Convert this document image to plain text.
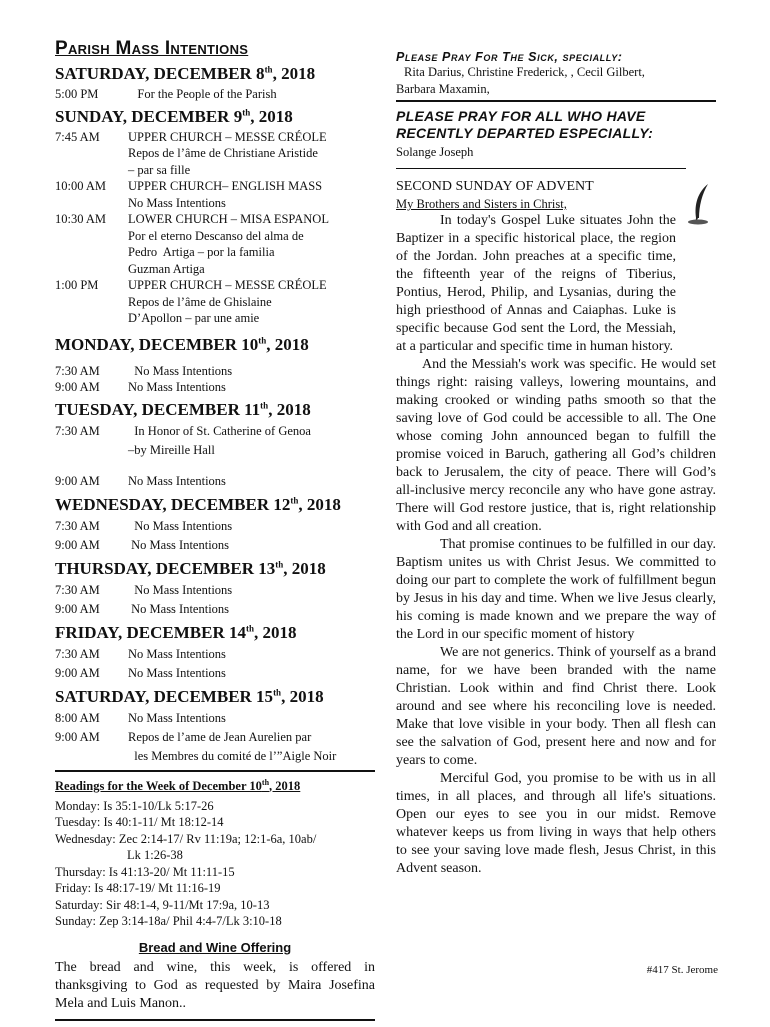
Parish Mass Intentions
SATURDAY, DECEMBER 8th, 2018
5:00 PM	For the People of the Parish
SUNDAY, DECEMBER 9th, 2018
7:45 AM	UPPER CHURCH – MESSE CRÉOLE
Repos de l’âme de Christiane Aristide
– par sa fille
10:00 AM	UPPER CHURCH– ENGLISH MASS
No Mass Intentions
10:30 AM	LOWER CHURCH – MISA ESPANOL
Por el eterno Descanso del alma de
Pedro  Artiga – por la familia
Guzman Artiga
1:00 PM	UPPER CHURCH – MESSE CRÉOLE
Repos de l’âme de Ghislaine
D’Apollon – par une amie
MONDAY, DECEMBER 10th, 2018
7:30 AM	No Mass Intentions
9:00 AM	No Mass Intentions
TUESDAY, DECEMBER 11th, 2018
7:30 AM	In Honor of St. Catherine of Genoa
–by Mireille Hall
9:00 AM	No Mass Intentions
WEDNESDAY, DECEMBER 12th, 2018
7:30 AM	No Mass Intentions
9:00 AM	No Mass Intentions
THURSDAY, DECEMBER 13th, 2018
7:30 AM	No Mass Intentions
9:00 AM	No Mass Intentions
FRIDAY, DECEMBER 14th, 2018
7:30 AM	No Mass Intentions
9:00 AM	No Mass Intentions
SATURDAY, DECEMBER 15th, 2018
8:00 AM	No Mass Intentions
9:00 AM	Repos de l’ame de Jean Aurelien par
les Membres du comité de l’”Aigle Noir
Readings for the Week of December 10th, 2018
Monday: Is 35:1-10/Lk 5:17-26
Tuesday: Is 40:1-11/ Mt 18:12-14
Wednesday: Zec 2:14-17/ Rv 11:19a; 12:1-6a, 10ab/
Lk 1:26-38
Thursday: Is 41:13-20/ Mt 11:11-15
Friday: Is 48:17-19/ Mt 11:16-19
Saturday: Sir 48:1-4, 9-11/Mt 17:9a, 10-13
Sunday: Zep 3:14-18a/ Phil 4:4-7/Lk 3:10-18
Bread and Wine Offering
The bread and wine, this week, is offered in thanksgiving to God as requested by Maira Josefina Mela and Luis Manon..
Please Pray For The Sick, specially:
Rita Darius, Christine Frederick, , Cecil Gilbert,
Barbara Maxamin,
PLEASE PRAY FOR ALL WHO HAVE RECENTLY DEPARTED ESPECIALLY:
Solange Joseph
SECOND SUNDAY OF ADVENT
My Brothers and Sisters in Christ,

In today's Gospel Luke situates John the Baptizer in a specific historical place, the region of the Jordan. John preaches at a specific time, the fifteenth year of the reigns of Tiberius, Pontius, Herod, Philip, and Lysanias, during the high priesthood of Annas and Caiaphas. Luke is specific because God sent the Lord, the Messiah, at a particular and specific time in human history.

And the Messiah's work was specific. He would set things right: raising valleys, lowering mountains, and making crooked or winding paths smooth so that the saving love of God could be accessible to all. The One whose coming John announced began to fulfill the promise voiced in Baruch, gathering all God’s children back to Jerusalem, the city of peace. There will God’s all-inclusive mercy reconcile any who have gone astray. There will God restore justice, that is, right relationship with God and all creation.

That promise continues to be fulfilled in our day. Baptism unites us with Christ Jesus. We committed to doing our part to complete the work of fulfillment begun by Jesus in his day and time. When we live Jesus clearly, his coming is made known and we prepare the way of the Lord in our specific moment of history

We are not generics. Think of yourself as a brand name, for we have been branded with the name Christian. Look within and find Christ there. Look around and see where his reconciling love is needed. Make that love visible in your body. Then all flesh can see the salvation of God, present here and now and for years to come.

Merciful God, you promise to be with us in all times, in all places, and through all life's situations. Open our eyes to see you in our midst. Remove whatever keeps us from living in ways that help others to see your saving love made flesh, Jesus Christ, in this Advent season.

#417 St. Jerome
